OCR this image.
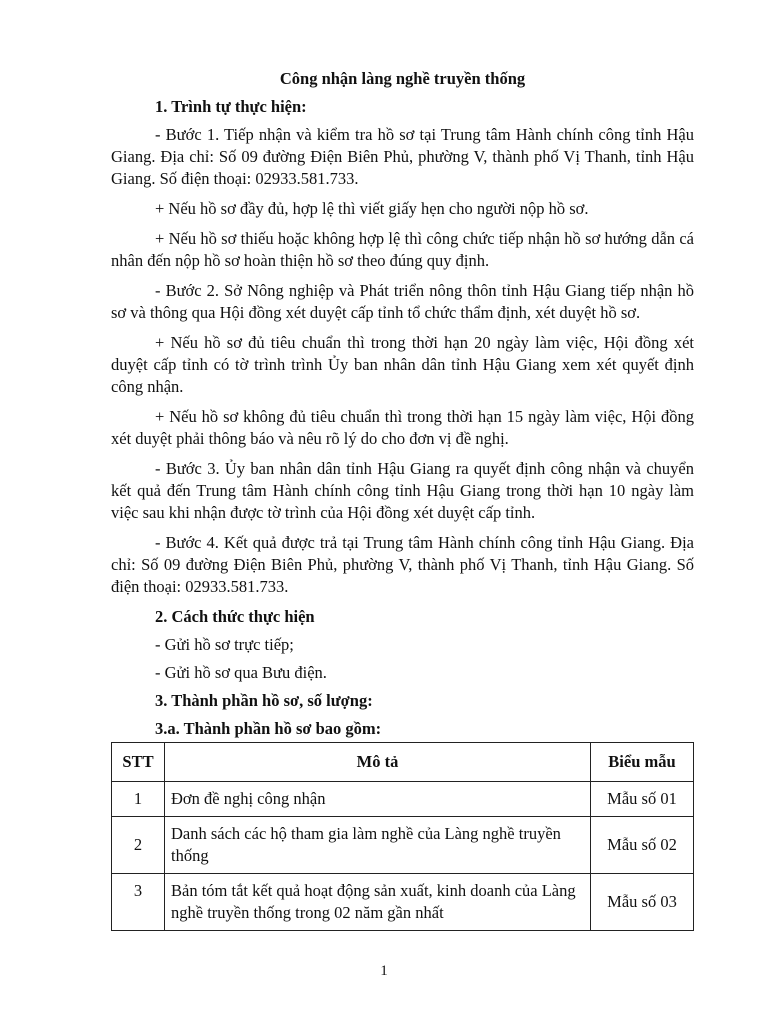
Công nhận làng nghề truyền thống
1. Trình tự thực hiện:
- Bước 1. Tiếp nhận và kiểm tra hồ sơ tại Trung tâm Hành chính công tỉnh Hậu Giang. Địa chỉ: Số 09 đường Điện Biên Phủ, phường V, thành phố Vị Thanh, tỉnh Hậu Giang. Số điện thoại: 02933.581.733.
+ Nếu hồ sơ đầy đủ, hợp lệ thì viết giấy hẹn cho người nộp hồ sơ.
+ Nếu hồ sơ thiếu hoặc không hợp lệ thì công chức tiếp nhận hồ sơ hướng dẫn cá nhân đến nộp hồ sơ hoàn thiện hồ sơ theo đúng quy định.
- Bước 2. Sở Nông nghiệp và Phát triển nông thôn tỉnh Hậu Giang tiếp nhận hồ sơ và thông qua Hội đồng xét duyệt cấp tỉnh tổ chức thẩm định, xét duyệt hồ sơ.
+ Nếu hồ sơ đủ tiêu chuẩn thì trong thời hạn 20 ngày làm việc, Hội đồng xét duyệt cấp tỉnh có tờ trình trình Ủy ban nhân dân tỉnh Hậu Giang xem xét quyết định công nhận.
+ Nếu hồ sơ không đủ tiêu chuẩn thì trong thời hạn 15 ngày làm việc, Hội đồng xét duyệt phải thông báo và nêu rõ lý do cho đơn vị đề nghị.
- Bước 3. Ủy ban nhân dân tỉnh Hậu Giang ra quyết định công nhận và chuyển kết quả đến Trung tâm Hành chính công tỉnh Hậu Giang trong thời hạn 10 ngày làm việc sau khi nhận được tờ trình của Hội đồng xét duyệt cấp tỉnh.
- Bước 4. Kết quả được trả tại Trung tâm Hành chính công tỉnh Hậu Giang. Địa chỉ: Số 09 đường Điện Biên Phủ, phường V, thành phố Vị Thanh, tỉnh Hậu Giang. Số điện thoại: 02933.581.733.
2. Cách thức thực hiện
- Gửi hồ sơ trực tiếp;
- Gửi hồ sơ qua Bưu điện.
3. Thành phần hồ sơ, số lượng:
3.a. Thành phần hồ sơ bao gồm:
STT	Mô tả	Biểu mẫu
1	Đơn đề nghị công nhận	Mẫu số 01
2	Danh sách các hộ tham gia làm nghề của Làng nghề truyền thống	Mẫu số 02
3	Bản tóm tắt kết quả hoạt động sản xuất, kinh doanh của Làng nghề truyền thống trong 02 năm gần nhất	Mẫu số 03
1
